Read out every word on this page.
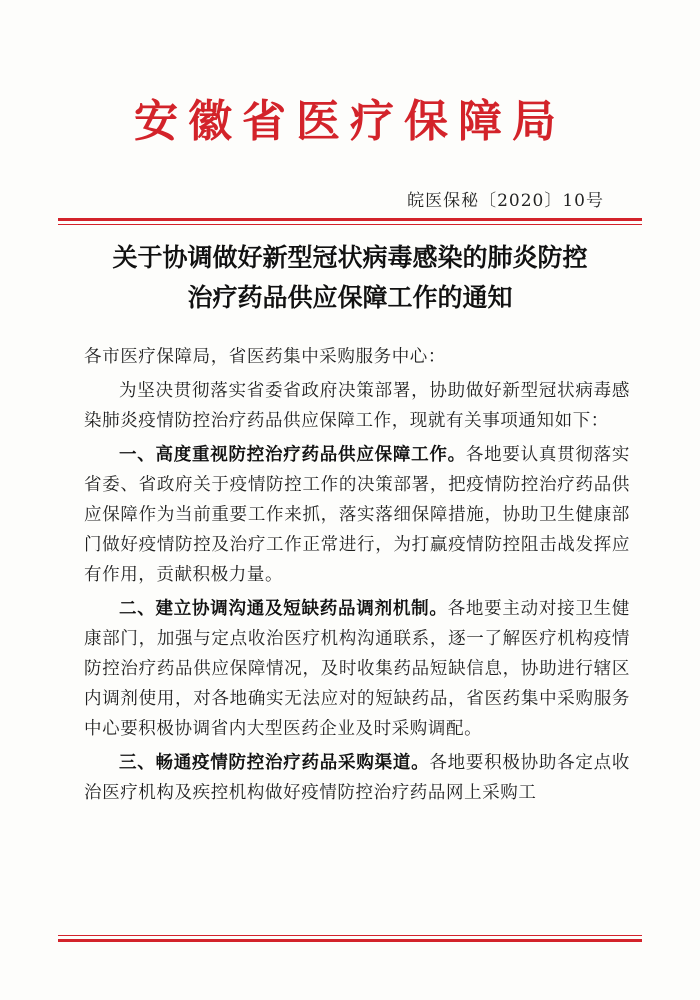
安徽省医疗保障局
皖医保秘〔2020〕10号
关于协调做好新型冠状病毒感染的肺炎防控
治疗药品供应保障工作的通知

各市医疗保障局，省医药集中采购服务中心：

为坚决贯彻落实省委省政府决策部署，协助做好新型冠状病毒感染肺炎疫情防控治疗药品供应保障工作，现就有关事项通知如下：

一、高度重视防控治疗药品供应保障工作。各地要认真贯彻落实省委、省政府关于疫情防控工作的决策部署，把疫情防控治疗药品供应保障作为当前重要工作来抓，落实落细保障措施，协助卫生健康部门做好疫情防控及治疗工作正常进行，为打赢疫情防控阻击战发挥应有作用，贡献积极力量。

二、建立协调沟通及短缺药品调剂机制。各地要主动对接卫生健康部门，加强与定点收治医疗机构沟通联系，逐一了解医疗机构疫情防控治疗药品供应保障情况，及时收集药品短缺信息，协助进行辖区内调剂使用，对各地确实无法应对的短缺药品，省医药集中采购服务中心要积极协调省内大型医药企业及时采购调配。

三、畅通疫情防控治疗药品采购渠道。各地要积极协助各定点收治医疗机构及疾控机构做好疫情防控治疗药品网上采购工
